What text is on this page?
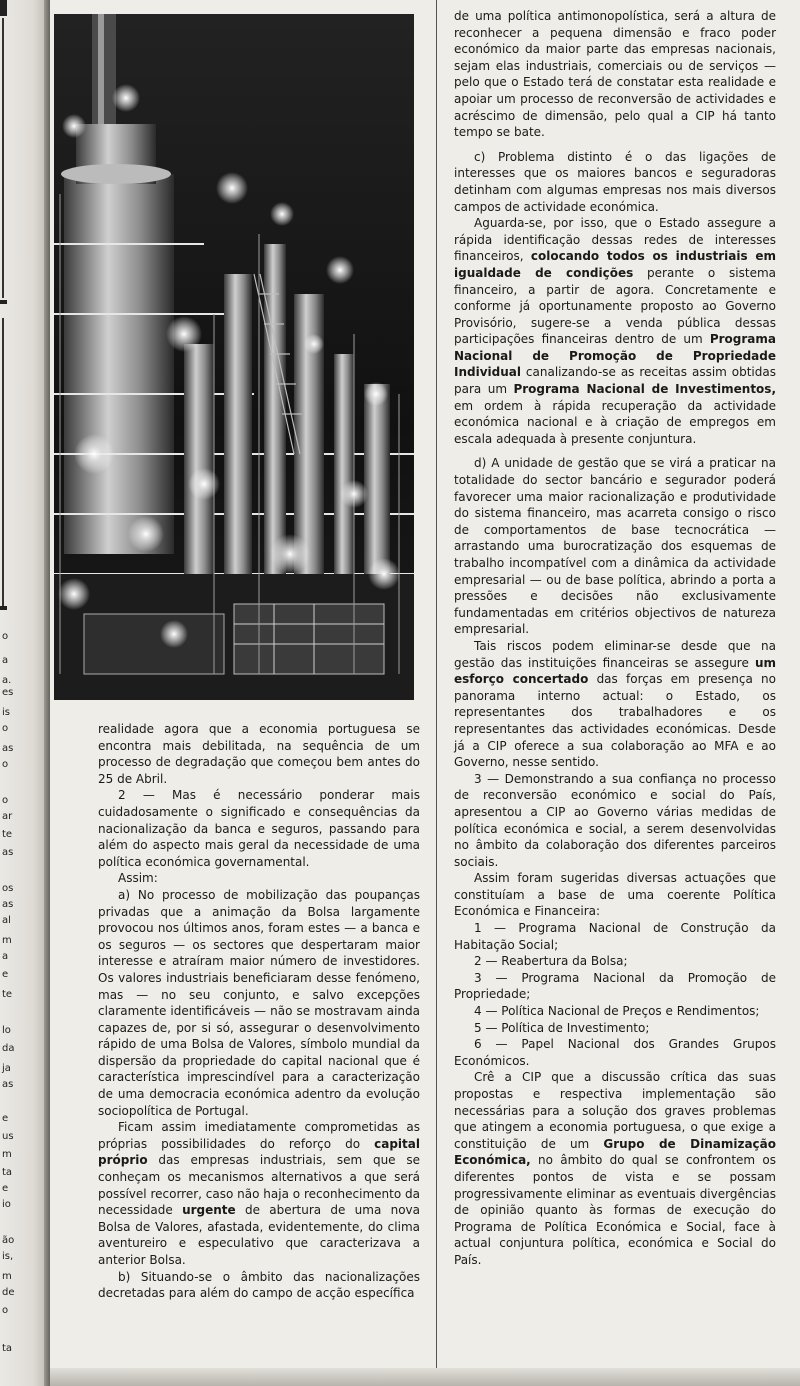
o
a
a.
es
is
o
as
o
o
ar
te
as
os
as
al
m
a
e
te
lo
da
ja
as
e
us
m
ta
e
io
ão
is,
m
de
o
ta

realidade agora que a economia portuguesa se encontra mais debilitada, na sequência de um processo de degradação que começou bem antes do 25 de Abril.

2 — Mas é necessário ponderar mais cuidadosamente o significado e consequências da nacionalização da banca e seguros, passando para além do aspecto mais geral da necessidade de uma política económica governamental.

Assim:

a) No processo de mobilização das poupanças privadas que a animação da Bolsa largamente provocou nos últimos anos, foram estes — a banca e os seguros — os sectores que despertaram maior interesse e atraíram maior número de investidores. Os valores industriais beneficiaram desse fenómeno, mas — no seu conjunto, e salvo excepções claramente identificáveis — não se mostravam ainda capazes de, por si só, assegurar o desenvolvimento rápido de uma Bolsa de Valores, símbolo mundial da dispersão da propriedade do capital nacional que é característica imprescindível para a caracterização de uma democracia económica adentro da evolução sociopolítica de Portugal.

Ficam assim imediatamente comprometidas as próprias possibilidades do reforço do capital próprio das empresas industriais, sem que se conheçam os mecanismos alternativos a que será possível recorrer, caso não haja o reconhecimento da necessidade urgente de abertura de uma nova Bolsa de Valores, afastada, evidentemente, do clima aventureiro e especulativo que caracterizava a anterior Bolsa.

b) Situando-se o âmbito das nacionalizações decretadas para além do campo de acção específica

de uma política antimonopolística, será a altura de reconhecer a pequena dimensão e fraco poder económico da maior parte das empresas nacionais, sejam elas industriais, comerciais ou de serviços — pelo que o Estado terá de constatar esta realidade e apoiar um processo de reconversão de actividades e acréscimo de dimensão, pelo qual a CIP há tanto tempo se bate.

c) Problema distinto é o das ligações de interesses que os maiores bancos e seguradoras detinham com algumas empresas nos mais diversos campos de actividade económica.

Aguarda-se, por isso, que o Estado assegure a rápida identificação dessas redes de interesses financeiros, colocando todos os industriais em igualdade de condições perante o sistema financeiro, a partir de agora. Concretamente e conforme já oportunamente proposto ao Governo Provisório, sugere-se a venda pública dessas participações financeiras dentro de um Programa Nacional de Promoção de Propriedade Individual canalizando-se as receitas assim obtidas para um Programa Nacional de Investimentos, em ordem à rápida recuperação da actividade económica nacional e à criação de empregos em escala adequada à presente conjuntura.

d) A unidade de gestão que se virá a praticar na totalidade do sector bancário e segurador poderá favorecer uma maior racionalização e produtividade do sistema financeiro, mas acarreta consigo o risco de comportamentos de base tecnocrática — arrastando uma burocratização dos esquemas de trabalho incompatível com a dinâmica da actividade empresarial — ou de base política, abrindo a porta a pressões e decisões não exclusivamente fundamentadas em critérios objectivos de natureza empresarial.

Tais riscos podem eliminar-se desde que na gestão das instituições financeiras se assegure um esforço concertado das forças em presença no panorama interno actual: o Estado, os representantes dos trabalhadores e os representantes das actividades económicas. Desde já a CIP oferece a sua colaboração ao MFA e ao Governo, nesse sentido.

3 — Demonstrando a sua confiança no processo de reconversão económico e social do País, apresentou a CIP ao Governo várias medidas de política económica e social, a serem desenvolvidas no âmbito da colaboração dos diferentes parceiros sociais.

Assim foram sugeridas diversas actuações que constituíam a base de uma coerente Política Económica e Financeira:

1 — Programa Nacional de Construção da Habitação Social;

2 — Reabertura da Bolsa;

3 — Programa Nacional da Promoção de Propriedade;

4 — Política Nacional de Preços e Rendimentos;

5 — Política de Investimento;

6 — Papel Nacional dos Grandes Grupos Económicos.

Crê a CIP que a discussão crítica das suas propostas e respectiva implementação são necessárias para a solução dos graves problemas que atingem a economia portuguesa, o que exige a constituição de um Grupo de Dinamização Económica, no âmbito do qual se confrontem os diferentes pontos de vista e se possam progressivamente eliminar as eventuais divergências de opinião quanto às formas de execução do Programa de Política Económica e Social, face à actual conjuntura política, económica e Social do País.
